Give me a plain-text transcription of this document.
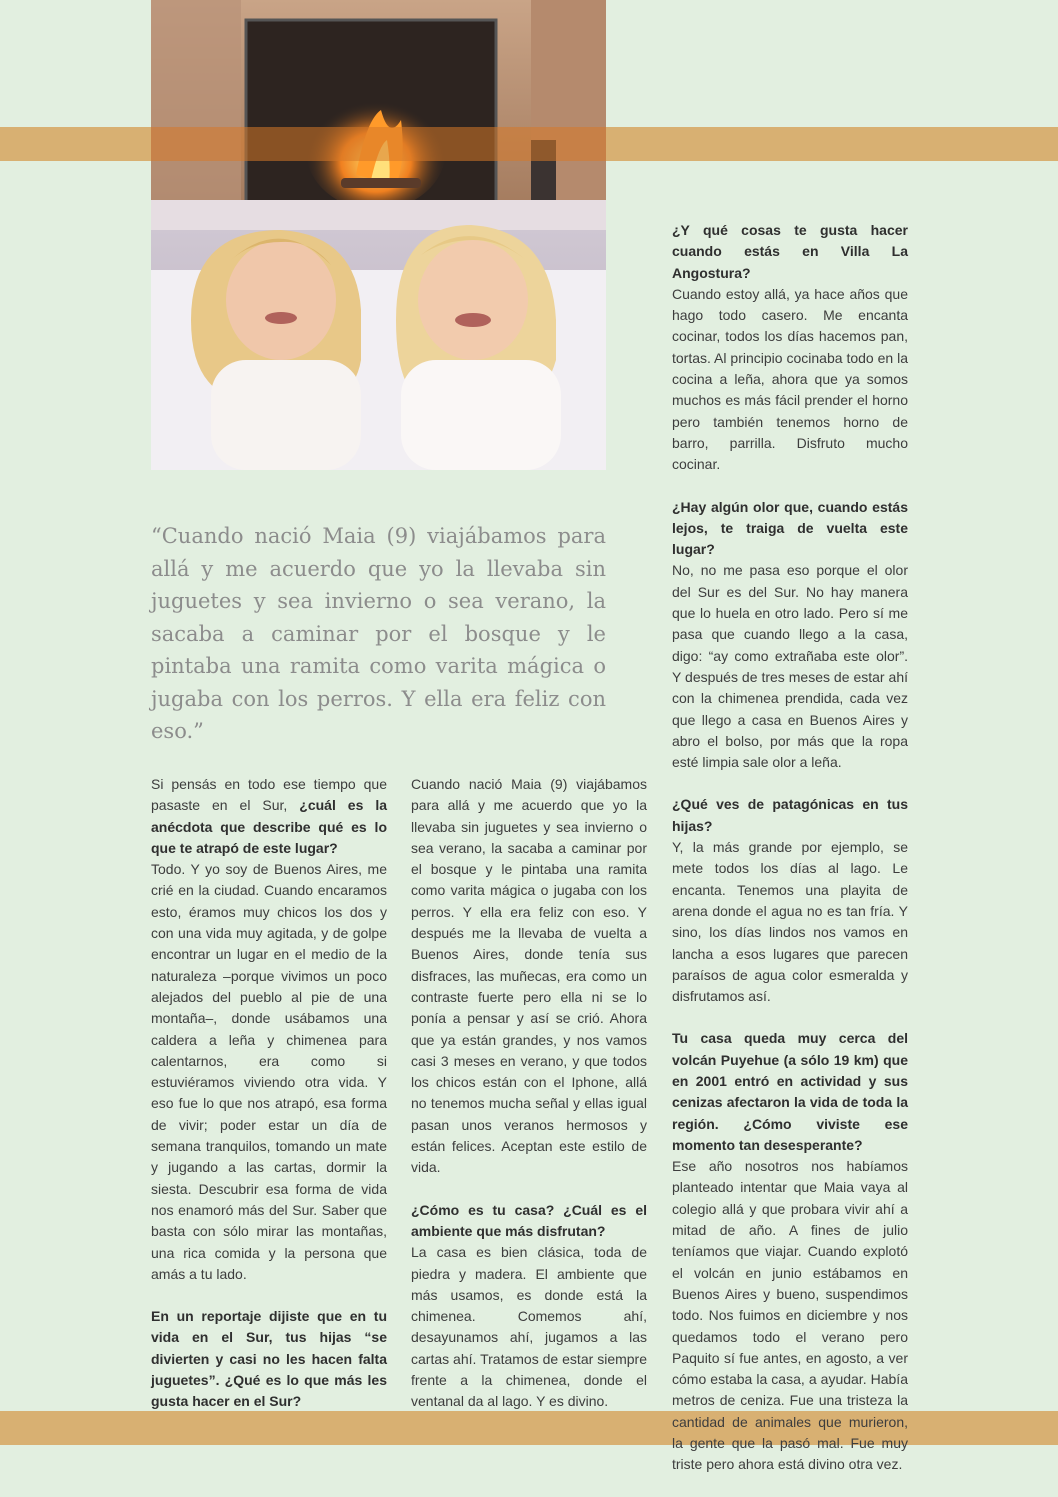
“Cuando nació Maia (9) viajábamos para allá y me acuerdo que yo la llevaba sin juguetes y sea invierno o sea verano, la sacaba a caminar por el bosque y le pintaba una ramita como varita mágica o jugaba con los perros. Y ella era feliz con eso.”

Si pensás en todo ese tiempo que pasaste en el Sur, ¿cuál es la anécdota que describe qué es lo que te atrapó de este lugar?
Todo. Y yo soy de Buenos Aires, me crié en la ciudad. Cuando encaramos esto, éramos muy chicos los dos y con una vida muy agitada, y de golpe encontrar un lugar en el medio de la naturaleza –porque vivimos un poco alejados del pueblo al pie de una montaña–, donde usábamos una caldera a leña y chimenea para calentarnos, era como si estuviéramos viviendo otra vida. Y eso fue lo que nos atrapó, esa forma de vivir; poder estar un día de semana tranquilos, tomando un mate y jugando a las cartas, dormir la siesta. Descubrir esa forma de vida nos enamoró más del Sur. Saber que basta con sólo mirar las montañas, una rica comida y la persona que amás a tu lado.

En un reportaje dijiste que en tu vida en el Sur, tus hijas “se divierten y casi no les hacen falta juguetes”. ¿Qué es lo que más les gusta hacer en el Sur?

Cuando nació Maia (9) viajábamos para allá y me acuerdo que yo la llevaba sin juguetes y sea invierno o sea verano, la sacaba a caminar por el bosque y le pintaba una ramita como varita mágica o jugaba con los perros. Y ella era feliz con eso. Y después me la llevaba de vuelta a Buenos Aires, donde tenía sus disfraces, las muñecas, era como un contraste fuerte pero ella ni se lo ponía a pensar y así se crió. Ahora que ya están grandes, y nos vamos casi 3 meses en verano, y que todos los chicos están con el Iphone, allá no tenemos mucha señal y ellas igual pasan unos veranos hermosos y están felices. Aceptan este estilo de vida.

¿Cómo es tu casa? ¿Cuál es el ambiente que más disfrutan?
La casa es bien clásica, toda de piedra y madera. El ambiente que más usamos, es donde está la chimenea. Comemos ahí, desayunamos ahí, jugamos a las cartas ahí. Tratamos de estar siempre frente a la chimenea, donde el ventanal da al lago. Y es divino.

¿Y qué cosas te gusta hacer cuando estás en Villa La Angostura?
Cuando estoy allá, ya hace años que hago todo casero. Me encanta cocinar, todos los días hacemos pan, tortas. Al principio cocinaba todo en la cocina a leña, ahora que ya somos muchos es más fácil prender el horno pero también tenemos horno de barro, parrilla. Disfruto mucho cocinar.

¿Hay algún olor que, cuando estás lejos, te traiga de vuelta este lugar?
No, no me pasa eso porque el olor del Sur es del Sur. No hay manera que lo huela en otro lado. Pero sí me pasa que cuando llego a la casa, digo: “ay como extrañaba este olor”. Y después de tres meses de estar ahí con la chimenea prendida, cada vez que llego a casa en Buenos Aires y abro el bolso, por más que la ropa esté limpia sale olor a leña.

¿Qué ves de patagónicas en tus hijas?
Y, la más grande por ejemplo, se mete todos los días al lago. Le encanta. Tenemos una playita de arena donde el agua no es tan fría. Y sino, los días lindos nos vamos en lancha a esos lugares que parecen paraísos de agua color esmeralda y disfrutamos así.

Tu casa queda muy cerca del volcán Puyehue (a sólo 19 km) que en 2001 entró en actividad y sus cenizas afectaron la vida de toda la región. ¿Cómo viviste ese momento tan desesperante?
Ese año nosotros nos habíamos planteado intentar que Maia vaya al colegio allá y que probara vivir ahí a mitad de año. A fines de julio teníamos que viajar. Cuando explotó el volcán en junio estábamos en Buenos Aires y bueno, suspendimos todo. Nos fuimos en diciembre y nos quedamos todo el verano pero Paquito sí fue antes, en agosto, a ver cómo estaba la casa, a ayudar. Había metros de ceniza. Fue una tristeza la cantidad de animales que murieron, la gente que la pasó mal. Fue muy triste pero ahora está divino otra vez.
